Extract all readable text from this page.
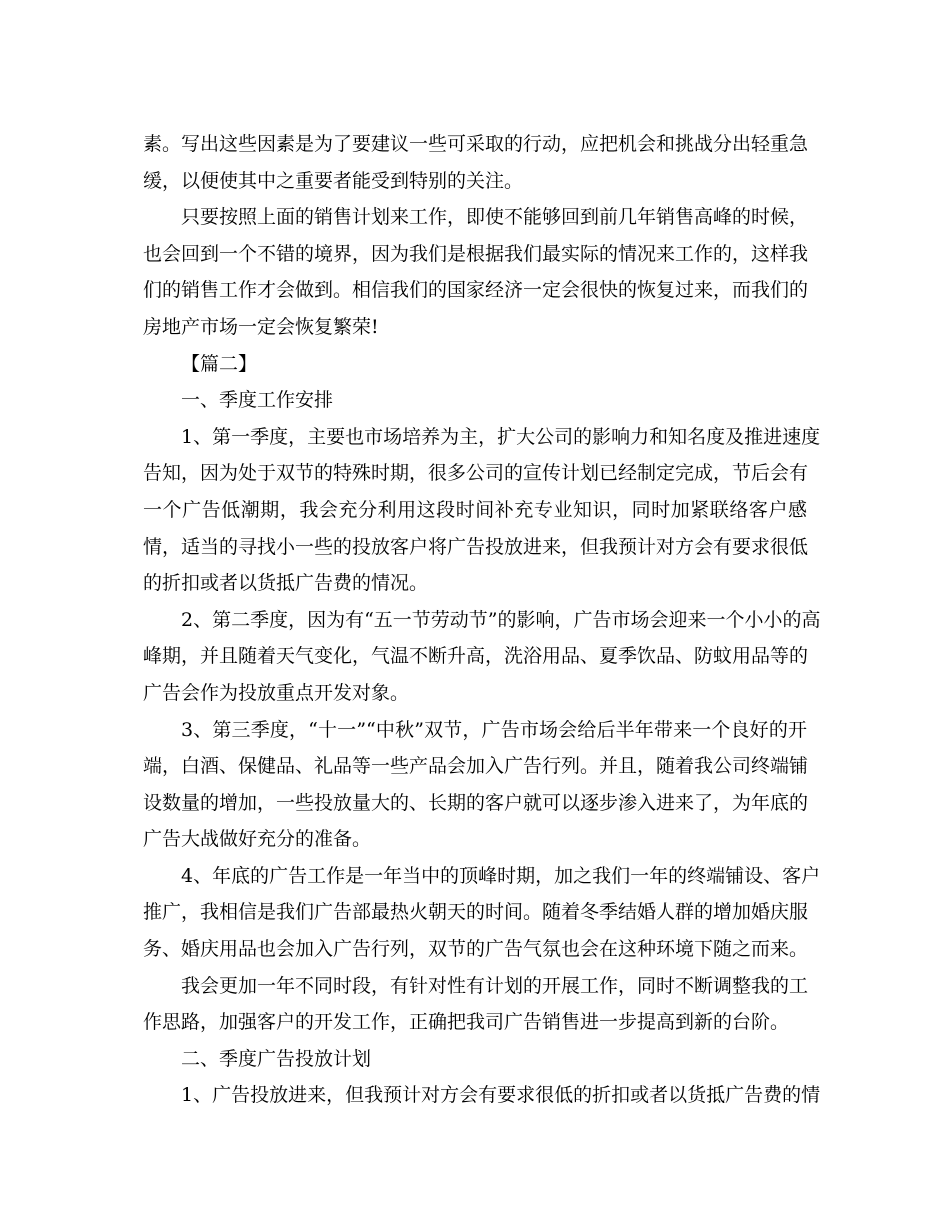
素。写出这些因素是为了要建议一些可采取的行动，应把机会和挑战分出轻重急
缓，以便使其中之重要者能受到特别的关注。
只要按照上面的销售计划来工作，即使不能够回到前几年销售高峰的时候，
也会回到一个不错的境界，因为我们是根据我们最实际的情况来工作的，这样我
们的销售工作才会做到。相信我们的国家经济一定会很快的恢复过来，而我们的
房地产市场一定会恢复繁荣!
【篇二】
一、季度工作安排
1、第一季度，主要也市场培养为主，扩大公司的影响力和知名度及推进速度
告知，因为处于双节的特殊时期，很多公司的宣传计划已经制定完成，节后会有
一个广告低潮期，我会充分利用这段时间补充专业知识，同时加紧联络客户感
情，适当的寻找小一些的投放客户将广告投放进来，但我预计对方会有要求很低
的折扣或者以货抵广告费的情况。
2、第二季度，因为有“五一节劳动节”的影响，广告市场会迎来一个小小的高
峰期，并且随着天气变化，气温不断升高，洗浴用品、夏季饮品、防蚊用品等的
广告会作为投放重点开发对象。
3、第三季度，“十一”“中秋”双节，广告市场会给后半年带来一个良好的开
端，白酒、保健品、礼品等一些产品会加入广告行列。并且，随着我公司终端铺
设数量的增加，一些投放量大的、长期的客户就可以逐步渗入进来了，为年底的
广告大战做好充分的准备。
4、年底的广告工作是一年当中的顶峰时期，加之我们一年的终端铺设、客户
推广，我相信是我们广告部最热火朝天的时间。随着冬季结婚人群的增加婚庆服
务、婚庆用品也会加入广告行列，双节的广告气氛也会在这种环境下随之而来。
我会更加一年不同时段，有针对性有计划的开展工作，同时不断调整我的工
作思路，加强客户的开发工作，正确把我司广告销售进一步提高到新的台阶。
二、季度广告投放计划
1、广告投放进来，但我预计对方会有要求很低的折扣或者以货抵广告费的情
